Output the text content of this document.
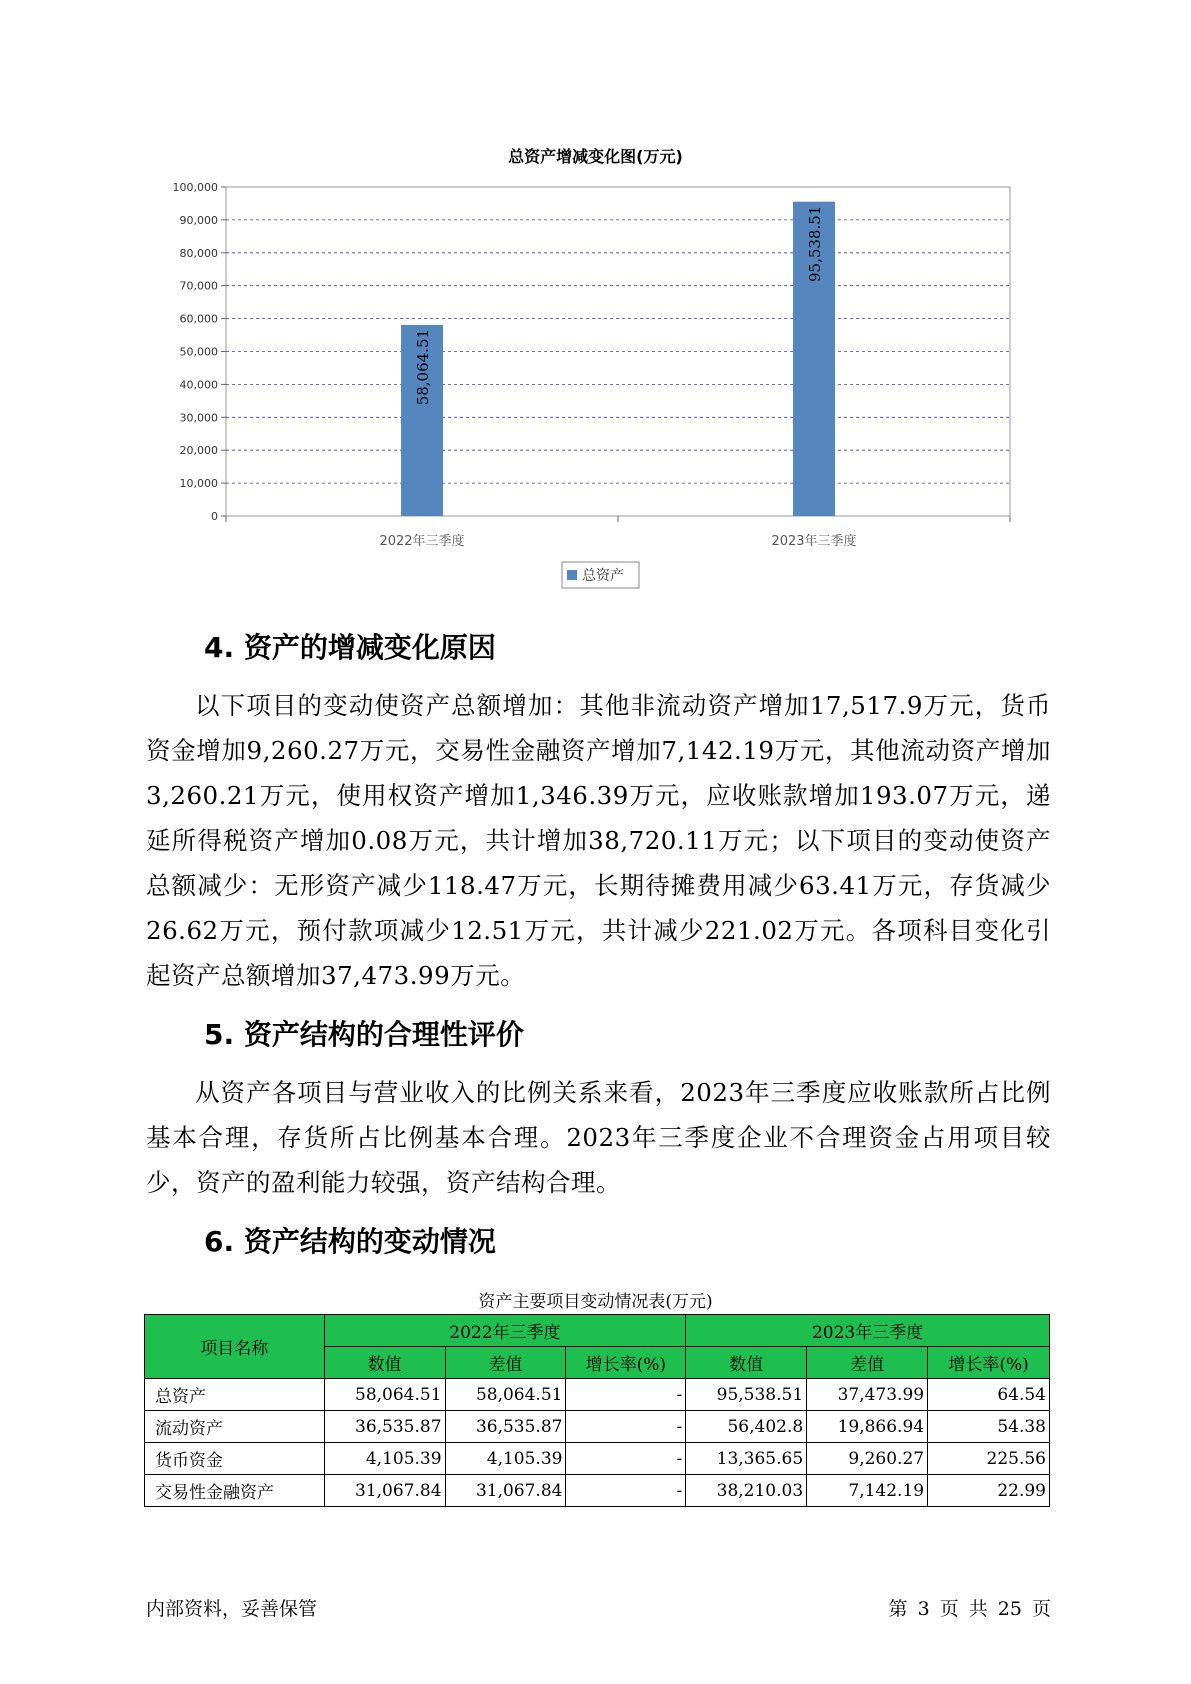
总资产增减变化图(万元)
0
10,000
20,000
30,000
40,000
50,000
60,000
70,000
80,000
90,000
100,000
2022年三季度
58,064.51
2023年三季度
95,538.51
总资产
4. 资产的增减变化原因

以下项目的变动使资产总额增加：其他非流动资产增加17,517.9万元，货币资金增加9,260.27万元，交易性金融资产增加7,142.19万元，其他流动资产增加3,260.21万元，使用权资产增加1,346.39万元，应收账款增加193.07万元，递延所得税资产增加0.08万元，共计增加38,720.11万元；以下项目的变动使资产总额减少：无形资产减少118.47万元，长期待摊费用减少63.41万元，存货减少26.62万元，预付款项减少12.51万元，共计减少221.02万元。各项科目变化引起资产总额增加37,473.99万元。

5. 资产结构的合理性评价

从资产各项目与营业收入的比例关系来看，2023年三季度应收账款所占比例基本合理，存货所占比例基本合理。2023年三季度企业不合理资金占用项目较少，资产的盈利能力较强，资产结构合理。

6. 资产结构的变动情况
资产主要项目变动情况表(万元)
项目名称	2022年三季度			2023年三季度		
	数值	差值	增长率(%)	数值	差值	增长率(%)
总资产	58,064.51	58,064.51	-	95,538.51	37,473.99	64.54
流动资产	36,535.87	36,535.87	-	56,402.8	19,866.94	54.38
货币资金	4,105.39	4,105.39	-	13,365.65	9,260.27	225.56
交易性金融资产	31,067.84	31,067.84	-	38,210.03	7,142.19	22.99
内部资料，妥善保管	第 3 页 共 25 页
